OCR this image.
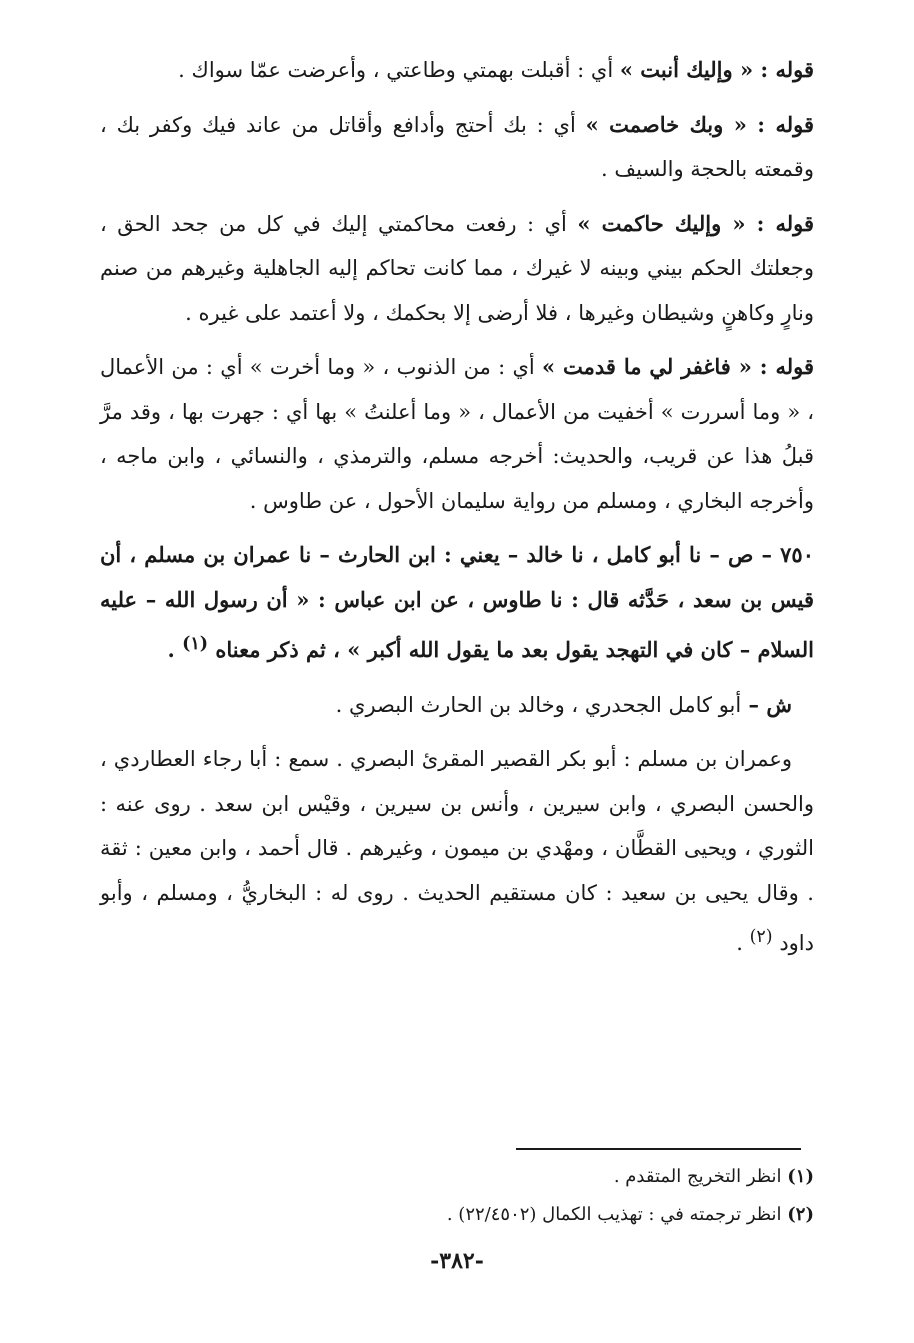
قوله : « وإليك أنبت » أي : أقبلت بهمتي وطاعتي ، وأعرضت عمّا سواك .

قوله : « وبك خاصمت » أي : بك أحتج وأدافع وأقاتل من عاند فيك وكفر بك ، وقمعته بالحجة والسيف .

قوله : « وإليك حاكمت » أي : رفعت محاكمتي إليك في كل من جحد الحق ، وجعلتك الحكم بيني وبينه لا غيرك ، مما كانت تحاكم إليه الجاهلية وغيرهم من صنم ونارٍ وكاهنٍ وشيطان وغيرها ، فلا أرضى إلا بحكمك ، ولا أعتمد على غيره .

قوله : « فاغفر لي ما قدمت » أي : من الذنوب ، « وما أخرت » أي : من الأعمال ، « وما أسررت » أخفيت من الأعمال ، « وما أعلنتُ » بها أي : جهرت بها ، وقد مرَّ قبلُ هذا عن قريب، والحديث: أخرجه مسلم، والترمذي ، والنسائي ، وابن ماجه ، وأخرجه البخاري ، ومسلم من رواية سليمان الأحول ، عن طاوس .

٧٥٠ – ص – نا أبو كامل ، نا خالد – يعني : ابن الحارث – نا عمران بن مسلم ، أن قيس بن سعد ، حَدَّثه قال : نا طاوس ، عن ابن عباس : « أن رسول الله – عليه السلام – كان في التهجد يقول بعد ما يقول الله أكبر » ، ثم ذكر معناه $^{(١)}$ .

ش – أبو كامل الجحدري ، وخالد بن الحارث البصري .

وعمران بن مسلم : أبو بكر القصير المقرئ البصري . سمع : أبا رجاء العطاردي ، والحسن البصري ، وابن سيرين ، وأنس بن سيرين ، وقيْس ابن سعد . روى عنه : الثوري ، ويحيى القطَّان ، ومهْدي بن ميمون ، وغيرهم . قال أحمد ، وابن معين : ثقة . وقال يحيى بن سعيد : كان مستقيم الحديث . روى له : البخاريُّ ، ومسلم ، وأبو داود $^{(٢)}$ .

(١) انظر التخريج المتقدم .

(٢) انظر ترجمته في : تهذيب الكمال (٢٢/٤٥٠٢) .

-٣٨٢-
